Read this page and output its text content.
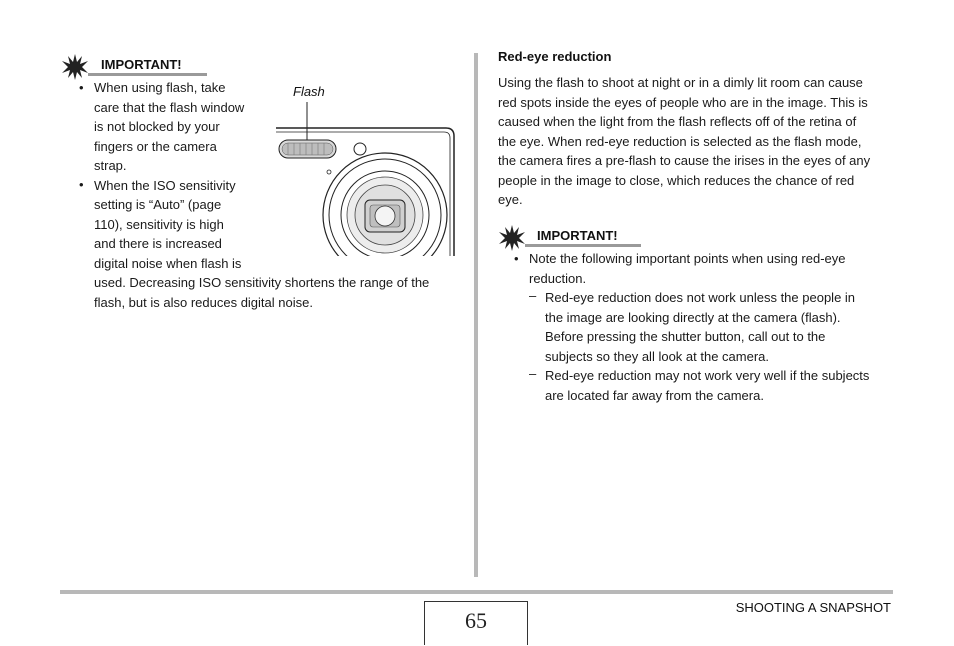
IMPORTANT!
• When using flash, take
care that the flash window
is not blocked by your
fingers or the camera
strap.
• When the ISO sensitivity
setting is “Auto” (page
110), sensitivity is high
and there is increased
digital noise when flash is
used. Decreasing ISO sensitivity shortens the range of the
flash, but is also reduces digital noise.
Flash
Red-eye reduction
Using the flash to shoot at night or in a dimly lit room can cause
red spots inside the eyes of people who are in the image. This is
caused when the light from the flash reflects off of the retina of
the eye. When red-eye reduction is selected as the flash mode,
the camera fires a pre-flash to cause the irises in the eyes of any
people in the image to close, which reduces the chance of red
eye.
IMPORTANT!
• Note the following important points when using red-eye
reduction.
– Red-eye reduction does not work unless the people in
the image are looking directly at the camera (flash).
Before pressing the shutter button, call out to the
subjects so they all look at the camera.
– Red-eye reduction may not work very well if the subjects
are located far away from the camera.
65
SHOOTING A SNAPSHOT
